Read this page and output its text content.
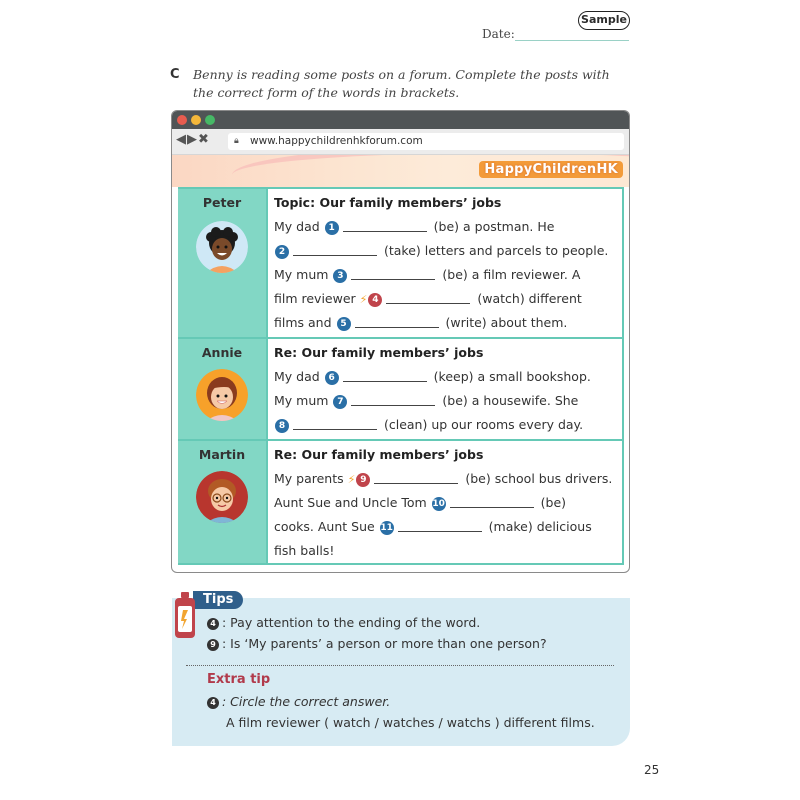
Sample
Date:
C Benny is reading some posts on a forum. Complete the posts with the correct form of the words in brackets.
◀▶✖	🔒︎ www.happychildrenhkforum.com
HappyChildrenHK
Peter	Topic: Our family members’ jobs
My dad 1	(be) a postman. He
2	(take) letters and parcels to people.
My mum 3	(be) a film reviewer. A
film reviewer ⚡ 4	(watch) different
films and 5	(write) about them.
Annie	Re: Our family members’ jobs
My dad 6	(keep) a small bookshop.
My mum 7	(be) a housewife. She
8	(clean) up our rooms every day.
Martin	Re: Our family members’ jobs
My parents ⚡ 9	(be) school bus drivers.
Aunt Sue and Uncle Tom 10	(be)
cooks. Aunt Sue 11	(make) delicious
fish balls!
Tips
4 : Pay attention to the ending of the word.
9 : Is ‘My parents’ a person or more than one person?
Extra tip
4 : Circle the correct answer.
A film reviewer ( watch / watches / watchs ) different films.
25
